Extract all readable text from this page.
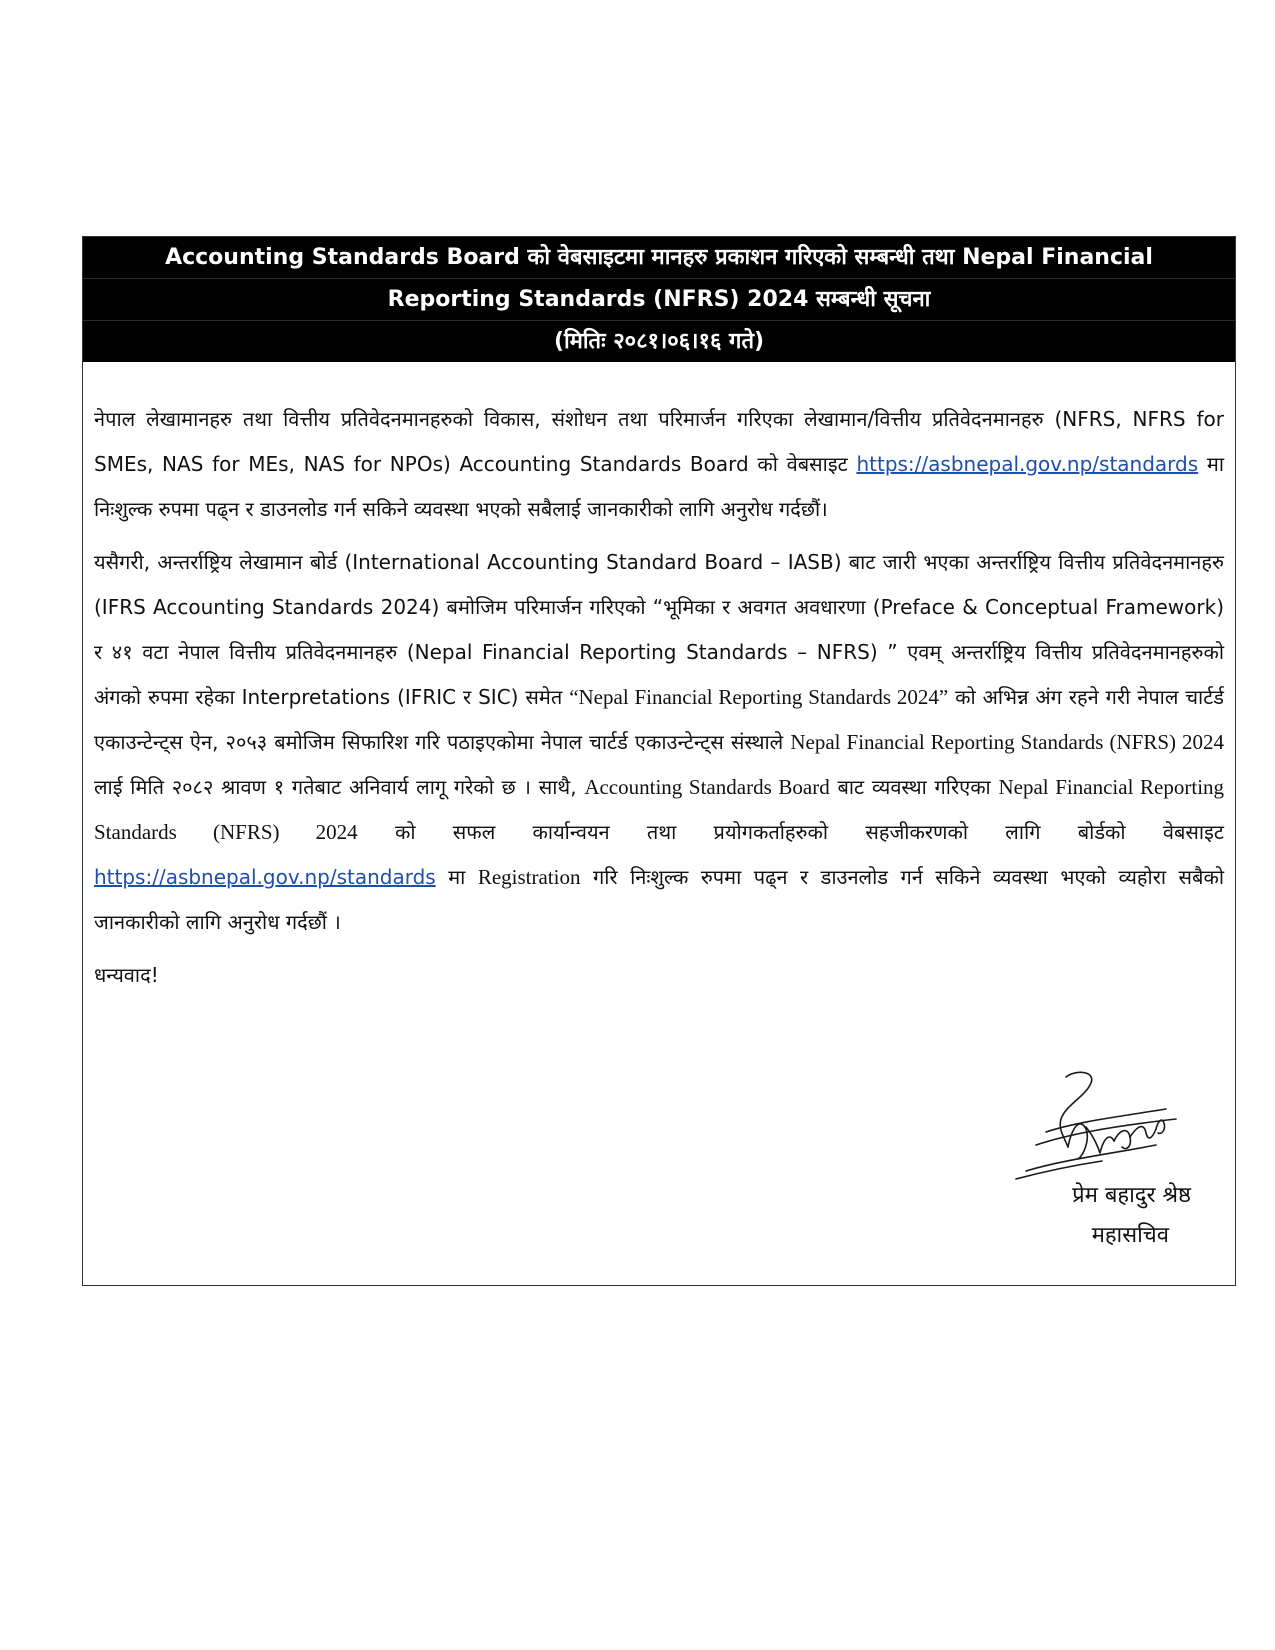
Accounting Standards Board को वेबसाइटमा मानहरु प्रकाशन गरिएको सम्बन्धी तथा Nepal Financial
Reporting Standards (NFRS) 2024 सम्बन्धी सूचना
(मितिः २०८१।०६।१६ गते)

नेपाल लेखामानहरु तथा वित्तीय प्रतिवेदनमानहरुको विकास, संशोधन तथा परिमार्जन गरिएका लेखामान/वित्तीय प्रतिवेदनमानहरु (NFRS, NFRS for SMEs, NAS for MEs, NAS for NPOs) Accounting Standards Board को वेबसाइट https://asbnepal.gov.np/standards मा निःशुल्क रुपमा पढ्न र डाउनलोड गर्न सकिने व्यवस्था भएको सबैलाई जानकारीको लागि अनुरोध गर्दछौं।

यसैगरी, अन्तर्राष्ट्रिय लेखामान बोर्ड (International Accounting Standard Board – IASB) बाट जारी भएका अन्तर्राष्ट्रिय वित्तीय प्रतिवेदनमानहरु (IFRS Accounting Standards 2024) बमोजिम परिमार्जन गरिएको “भूमिका र अवगत अवधारणा (Preface & Conceptual Framework) र ४१ वटा नेपाल वित्तीय प्रतिवेदनमानहरु (Nepal Financial Reporting Standards – NFRS) ” एवम् अन्तर्राष्ट्रिय वित्तीय प्रतिवेदनमानहरुको अंगको रुपमा रहेका Interpretations (IFRIC र SIC) समेत “Nepal Financial Reporting Standards 2024” को अभिन्न अंग रहने गरी नेपाल चार्टर्ड एकाउन्टेन्ट्स ऐन, २०५३ बमोजिम सिफारिश गरि पठाइएकोमा नेपाल चार्टर्ड एकाउन्टेन्ट्स संस्थाले Nepal Financial Reporting Standards (NFRS) 2024 लाई मिति २०८२ श्रावण १ गतेबाट अनिवार्य लागू गरेको छ । साथै, Accounting Standards Board बाट व्यवस्था गरिएका Nepal Financial Reporting Standards (NFRS) 2024 को सफल कार्यान्वयन तथा प्रयोगकर्ताहरुको सहजीकरणको लागि बोर्डको वेबसाइट https://asbnepal.gov.np/standards मा Registration गरि निःशुल्क रुपमा पढ्न र डाउनलोड गर्न सकिने व्यवस्था भएको व्यहोरा सबैको जानकारीको लागि अनुरोध गर्दछौं ।

धन्यवाद!

प्रेम बहादुर श्रेष्ठ
महासचिव
